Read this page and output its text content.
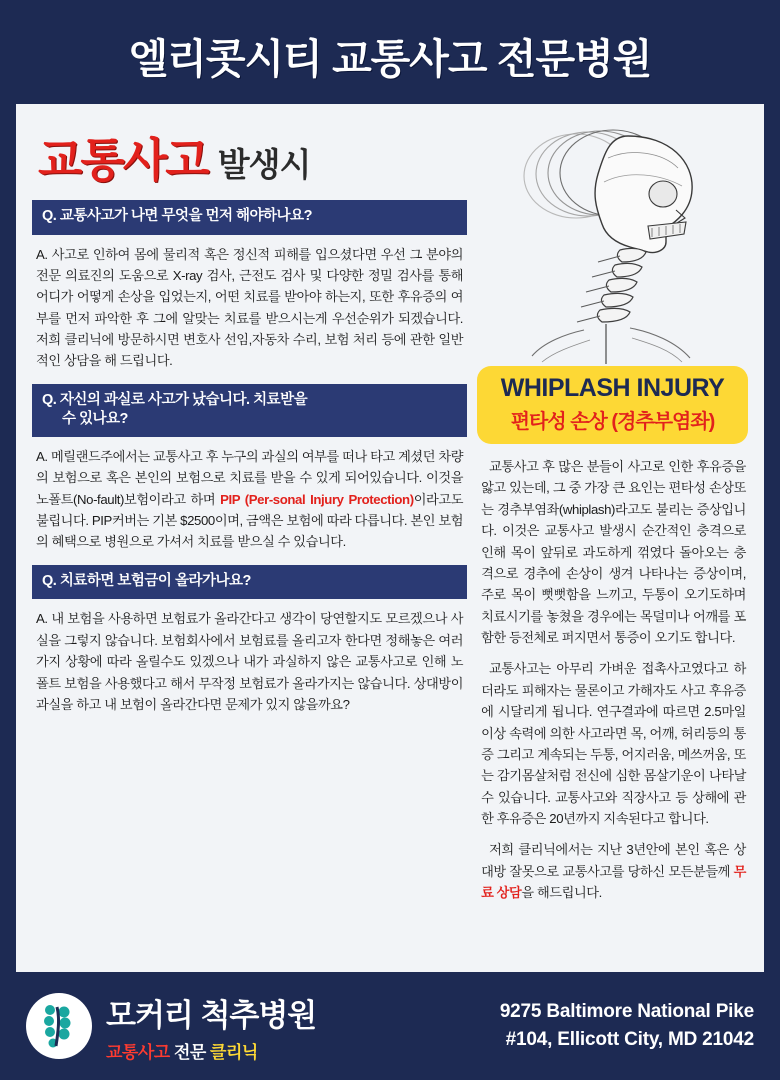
엘리콧시티 교통사고 전문병원
교통사고 발생시
Q. 교통사고가 나면 무엇을 먼저 해야하나요?
A. 사고로 인하여 몸에 물리적 혹은 정신적 피해를 입으셨다면 우선 그 분야의 전문 의료진의 도움으로 X-ray 검사, 근전도 검사 및 다양한 정밀 검사를 통해 어디가 어떻게 손상을 입었는지, 어떤 치료를 받아야 하는지, 또한 후유증의 여부를 먼저 파악한 후 그에 알맞는 치료를 받으시는게 우선순위가 되겠습니다. 저희 클리닉에 방문하시면 변호사 선임,자동차 수리, 보험 처리 등에 관한 일반적인 상담을 해 드립니다.
Q. 자신의 과실로 사고가 났습니다. 치료받을
수 있나요?
A. 메릴랜드주에서는 교통사고 후 누구의 과실의 여부를 떠나 타고 계셨던 차량의 보험으로 혹은 본인의 보험으로 치료를 받을 수 있게 되어있습니다. 이것을 노폴트(No-fault)보험이라고 하며 PIP (Per-sonal Injury Protection)이라고도 불립니다. PIP커버는 기본 $2500이며, 금액은 보험에 따라 다릅니다. 본인 보험의 혜택으로 병원으로 가셔서 치료를 받으실 수 있습니다.
Q. 치료하면 보험금이 올라가나요?
A. 내 보험을 사용하면 보험료가 올라간다고 생각이 당연할지도 모르겠으나 사실을 그렇지 않습니다. 보험회사에서 보험료를 올리고자 한다면 정해놓은 여러가지 상황에 따라 올릴수도 있겠으나 내가 과실하지 않은 교통사고로 인해 노폴트 보험을 사용했다고 해서 무작정 보험료가 올라가지는 않습니다. 상대방이 과실을 하고 내 보험이 올라간다면 문제가 있지 않을까요?
WHIPLASH INJURY
편타성 손상 (경추부염좌)

교통사고 후 많은 분들이 사고로 인한 후유증을 앓고 있는데, 그 중 가장 큰 요인는 편타성 손상또는 경추부염좌(whiplash)라고도 불리는 증상입니다. 이것은 교통사고 발생시 순간적인 충격으로 인해 목이 앞뒤로 과도하게 꺾였다 돌아오는 충격으로 경추에 손상이 생겨 나타나는 증상이며, 주로 목이 뻣뻣함을 느끼고, 두통이 오기도하며 치료시기를 놓쳤을 경우에는 목덜미나 어깨를 포함한 등전체로 퍼지면서 통증이 오기도 합니다.

교통사고는 아무리 가벼운 접촉사고였다고 하더라도 피해자는 물론이고 가해자도 사고 후유증에 시달리게 됩니다. 연구결과에 따르면 2.5마일 이상 속력에 의한 사고라면 목, 어깨, 허리등의 통증 그리고 계속되는 두통, 어지러움, 메쓰꺼움, 또는 감기몸살처럼 전신에 심한 몸살기운이 나타날 수 있습니다. 교통사고와 직장사고 등 상해에 관한 후유증은 20년까지 지속된다고 합니다.

저희 클리닉에서는 지난 3년안에 본인 혹은 상대방 잘못으로 교통사고를 당하신 모든분들께 무료 상담을 해드립니다.

모커리 척추병원
교통사고 전문 클리닉
9275 Baltimore National Pike
#104, Ellicott City, MD 21042
